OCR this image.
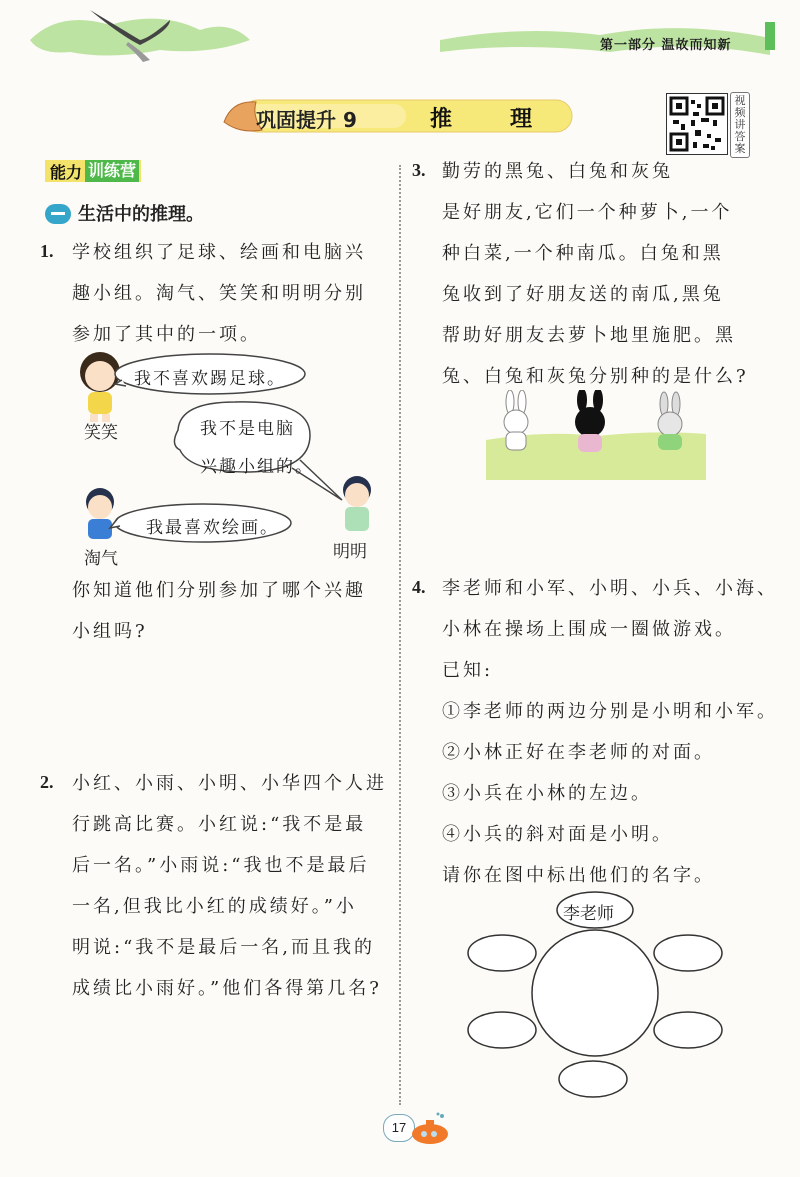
第一部分 温故而知新
巩固提升 9	推理
视频讲答案
能力 训练营
生活中的推理。
1. 学校组织了足球、绘画和电脑兴
趣小组。淘气、笑笑和明明分别
参加了其中的一项。
我不喜欢踢足球。
笑笑	我不是电脑
兴趣小组的。
我最喜欢绘画。
淘气	明明
你知道他们分别参加了哪个兴趣
小组吗?
2. 小红、小雨、小明、小华四个人进
行跳高比赛。小红说:“我不是最
后一名。”小雨说:“我也不是最后
一名,但我比小红的成绩好。”小
明说:“我不是最后一名,而且我的
成绩比小雨好。”他们各得第几名?
3. 勤劳的黑兔、白兔和灰兔
是好朋友,它们一个种萝卜,一个
种白菜,一个种南瓜。白兔和黑
兔收到了好朋友送的南瓜,黑兔
帮助好朋友去萝卜地里施肥。黑
兔、白兔和灰兔分别种的是什么?
4. 李老师和小军、小明、小兵、小海、
小林在操场上围成一圈做游戏。
已知:
①李老师的两边分别是小明和小军。
②小林正好在李老师的对面。
③小兵在小林的左边。
④小兵的斜对面是小明。
请你在图中标出他们的名字。
李老师
17
